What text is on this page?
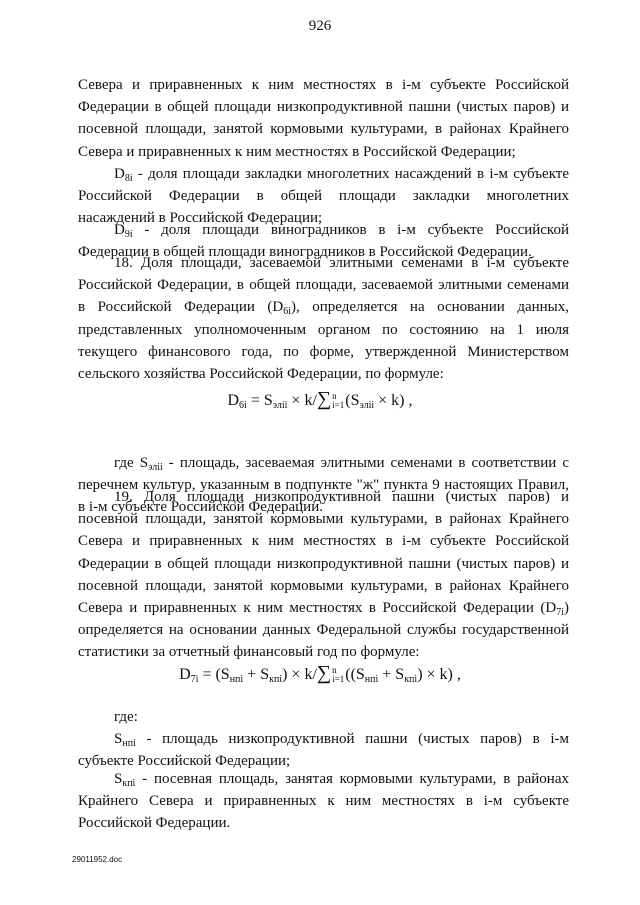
926

Севера и приравненных к ним местностях в i-м субъекте Российской Федерации в общей площади низкопродуктивной пашни (чистых паров) и посевной площади, занятой кормовыми культурами, в районах Крайнего Севера и приравненных к ним местностях в Российской Федерации;

$D_{8i}$ - доля площади закладки многолетних насаждений в i-м субъекте Российской Федерации в общей площади закладки многолетних насаждений в Российской Федерации;

$D_{9i}$ - доля площади виноградников в i-м субъекте Российской Федерации в общей площади виноградников в Российской Федерации.

18. Доля площади, засеваемой элитными семенами в i-м субъекте Российской Федерации, в общей площади, засеваемой элитными семенами в Российской Федерации $(D_{6i})$, определяется на основании данных, представленных уполномоченным органом по состоянию на 1 июля текущего финансового года, по форме, утвержденной Министерством сельского хозяйства Российской Федерации, по формуле:

$D_{6i} = S_{эліі} \times k/\sum n$
$i=1(S_{эліі} \times k)$ ,

где $S_{эліі}$ - площадь, засеваемая элитными семенами в соответствии с перечнем культур, указанным в подпункте "ж" пункта 9 настоящих Правил, в i-м субъекте Российской Федерации.

19. Доля площади низкопродуктивной пашни (чистых паров) и посевной площади, занятой кормовыми культурами, в районах Крайнего Севера и приравненных к ним местностях в i-м субъекте Российской Федерации в общей площади низкопродуктивной пашни (чистых паров) и посевной площади, занятой кормовыми культурами, в районах Крайнего Севера и приравненных к ним местностях в Российской Федерации $(D_{7i})$ определяется на основании данных Федеральной службы государственной статистики за отчетный финансовый год по формуле:

$D_{7i} = (S_{нпі} + S_{кпі}) \times k/\sum n$
$i=1((S_{нпі} + S_{кпі}) \times k)$ ,

где:

$S_{нпі}$ - площадь низкопродуктивной пашни (чистых паров) в i-м субъекте Российской Федерации;

$S_{кпі}$ - посевная площадь, занятая кормовыми культурами, в районах Крайнего Севера и приравненных к ним местностях в i-м субъекте Российской Федерации.

29011952.doc
